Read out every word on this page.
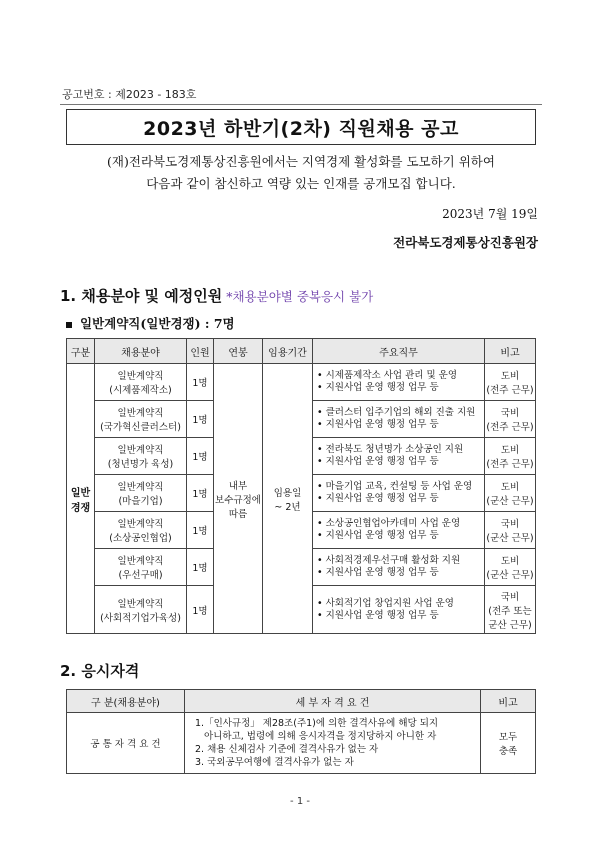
공고번호 : 제2023 - 183호
2023년 하반기(2차) 직원채용 공고
(재)전라북도경제통상진흥원에서는 지역경제 활성화를 도모하기 위하여
다음과 같이 참신하고 역량 있는 인재를 공개모집 합니다.
2023년 7월 19일
전라북도경제통상진흥원장
1. 채용분야 및 예정인원 *채용분야별 중복응시 불가
일반계약직(일반경쟁) : 7명
구분	채용분야	인원	연봉	임용기간	주요직무	비고

일반
경쟁	일반계약직
(시제품제작소)	1명	내부
보수규정에
따름	임용일
~ 2년	• 시제품제작소 사업 관리 및 운영
• 지원사업 운영 행정 업무 등	도비
(전주 근무)

	일반계약직
(국가혁신클러스터)	1명			• 클러스터 입주기업의 해외 진출 지원
• 지원사업 운영 행정 업무 등	국비
(전주 근무)

	일반계약직
(청년명가 육성)	1명			• 전라북도 청년명가 소상공인 지원
• 지원사업 운영 행정 업무 등	도비
(전주 근무)

	일반계약직
(마을기업)	1명			• 마을기업 교육, 컨설팅 등 사업 운영
• 지원사업 운영 행정 업무 등	도비
(군산 근무)

	일반계약직
(소상공인협업)	1명			• 소상공인협업아카데미 사업 운영
• 지원사업 운영 행정 업무 등	국비
(군산 근무)

	일반계약직
(우선구매)	1명			• 사회적경제우선구매 활성화 지원
• 지원사업 운영 행정 업무 등	도비
(군산 근무)

	일반계약직
(사회적기업가육성)	1명			• 사회적기업 창업지원 사업 운영
• 지원사업 운영 행정 업무 등	국비
(전주 또는
군산 근무)
2. 응시자격
구 분(채용분야)	세 부 자 격 요 건	비고
공 통 자 격 요 건	1.「인사규정」 제28조(주1)에 의한 결격사유에 해당 되지
아니하고, 법령에 의해 응시자격을 정지당하지 아니한 자
2. 채용 신체검사 기준에 결격사유가 없는 자
3. 국외공무여행에 결격사유가 없는 자	모두
충족
- 1 -
